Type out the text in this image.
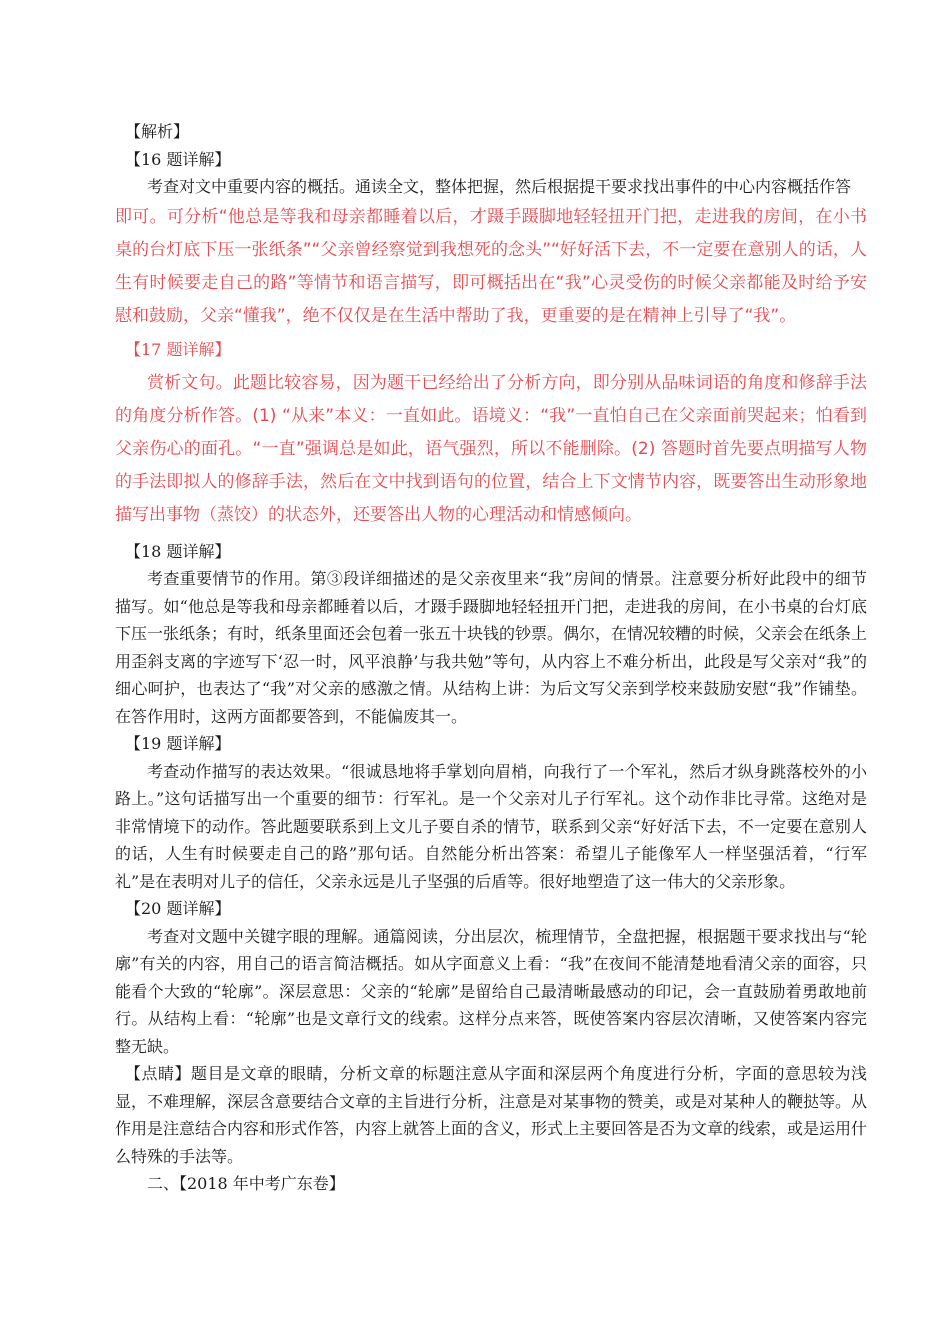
【解析】

【16 题详解】

考查对文中重要内容的概括。通读全文，整体把握，然后根据提干要求找出事件的中心内容概括作答

即可。可分析“他总是等我和母亲都睡着以后，才蹑手蹑脚地轻轻扭开门把，走进我的房间，在小书桌的台灯底下压一张纸条”“父亲曾经察觉到我想死的念头”“好好活下去，不一定要在意别人的话，人生有时候要走自己的路”等情节和语言描写，即可概括出在“我”心灵受伤的时候父亲都能及时给予安慰和鼓励，父亲“懂我”，绝不仅仅是在生活中帮助了我，更重要的是在精神上引导了“我”。

【17 题详解】

赏析文句。此题比较容易，因为题干已经给出了分析方向，即分别从品味词语的角度和修辞手法的角度分析作答。(1) “从来”本义：一直如此。语境义：“我”一直怕自己在父亲面前哭起来；怕看到父亲伤心的面孔。“一直”强调总是如此，语气强烈，所以不能删除。(2) 答题时首先要点明描写人物的手法即拟人的修辞手法，然后在文中找到语句的位置，结合上下文情节内容，既要答出生动形象地描写出事物（蒸饺）的状态外，还要答出人物的心理活动和情感倾向。

【18 题详解】

考查重要情节的作用。第③段详细描述的是父亲夜里来“我”房间的情景。注意要分析好此段中的细节描写。如“他总是等我和母亲都睡着以后，才蹑手蹑脚地轻轻扭开门把，走进我的房间，在小书桌的台灯底下压一张纸条；有时，纸条里面还会包着一张五十块钱的钞票。偶尔，在情况较糟的时候，父亲会在纸条上用歪斜支离的字迹写下‘忍一时，风平浪静’与我共勉”等句，从内容上不难分析出，此段是写父亲对“我”的细心呵护，也表达了“我”对父亲的感激之情。从结构上讲：为后文写父亲到学校来鼓励安慰“我”作铺垫。在答作用时，这两方面都要答到，不能偏废其一。

【19 题详解】

考查动作描写的表达效果。“很诚恳地将手掌划向眉梢，向我行了一个军礼，然后才纵身跳落校外的小路上。”这句话描写出一个重要的细节：行军礼。是一个父亲对儿子行军礼。这个动作非比寻常。这绝对是非常情境下的动作。答此题要联系到上文儿子要自杀的情节，联系到父亲“好好活下去，不一定要在意别人的话，人生有时候要走自己的路”那句话。自然能分析出答案：希望儿子能像军人一样坚强活着，“行军礼”是在表明对儿子的信任，父亲永远是儿子坚强的后盾等。很好地塑造了这一伟大的父亲形象。

【20 题详解】

考查对文题中关键字眼的理解。通篇阅读，分出层次，梳理情节，全盘把握，根据题干要求找出与“轮廓”有关的内容，用自己的语言简洁概括。如从字面意义上看：“我”在夜间不能清楚地看清父亲的面容，只能看个大致的“轮廓”。深层意思：父亲的“轮廓”是留给自己最清晰最感动的印记，会一直鼓励着勇敢地前行。从结构上看：“轮廓”也是文章行文的线索。这样分点来答，既使答案内容层次清晰，又使答案内容完整无缺。

【点睛】题目是文章的眼睛，分析文章的标题注意从字面和深层两个角度进行分析，字面的意思较为浅显，不难理解，深层含意要结合文章的主旨进行分析，注意是对某事物的赞美，或是对某种人的鞭挞等。从作用是注意结合内容和形式作答，内容上就答上面的含义，形式上主要回答是否为文章的线索，或是运用什么特殊的手法等。

二、【2018 年中考广东卷】
